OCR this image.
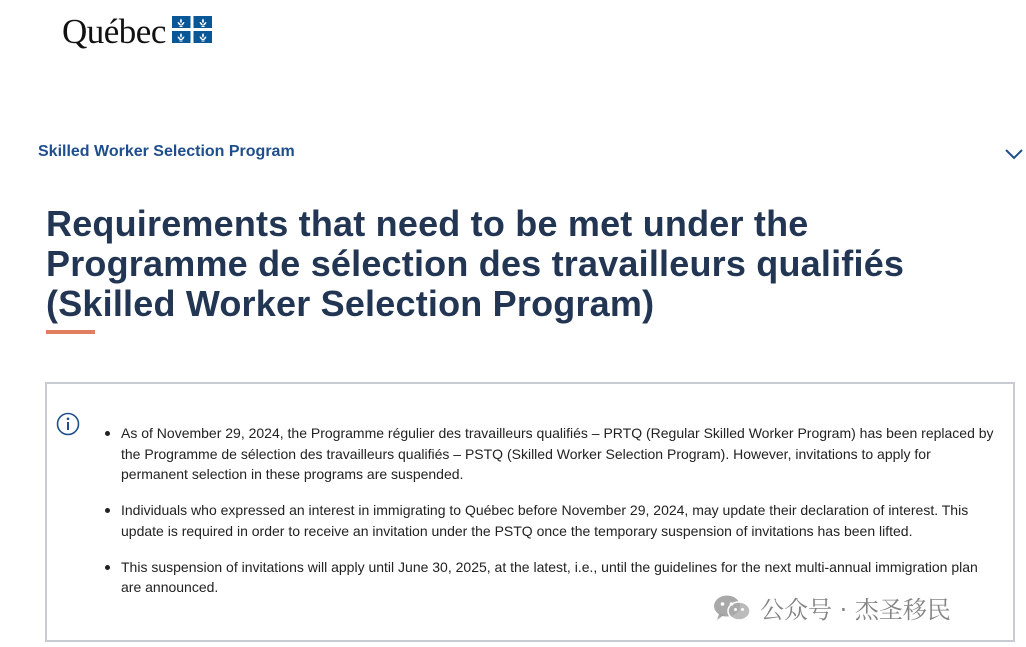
Québec
Skilled Worker Selection Program
Requirements that need to be met under the Programme de sélection des travailleurs qualifiés (Skilled Worker Selection Program)
As of November 29, 2024, the Programme régulier des travailleurs qualifiés – PRTQ (Regular Skilled Worker Program) has been replaced by the Programme de sélection des travailleurs qualifiés – PSTQ (Skilled Worker Selection Program). However, invitations to apply for permanent selection in these programs are suspended.
Individuals who expressed an interest in immigrating to Québec before November 29, 2024, may update their declaration of interest. This update is required in order to receive an invitation under the PSTQ once the temporary suspension of invitations has been lifted.
This suspension of invitations will apply until June 30, 2025, at the latest, i.e., until the guidelines for the next multi-annual immigration plan are announced.
公众号 · 杰圣移民
